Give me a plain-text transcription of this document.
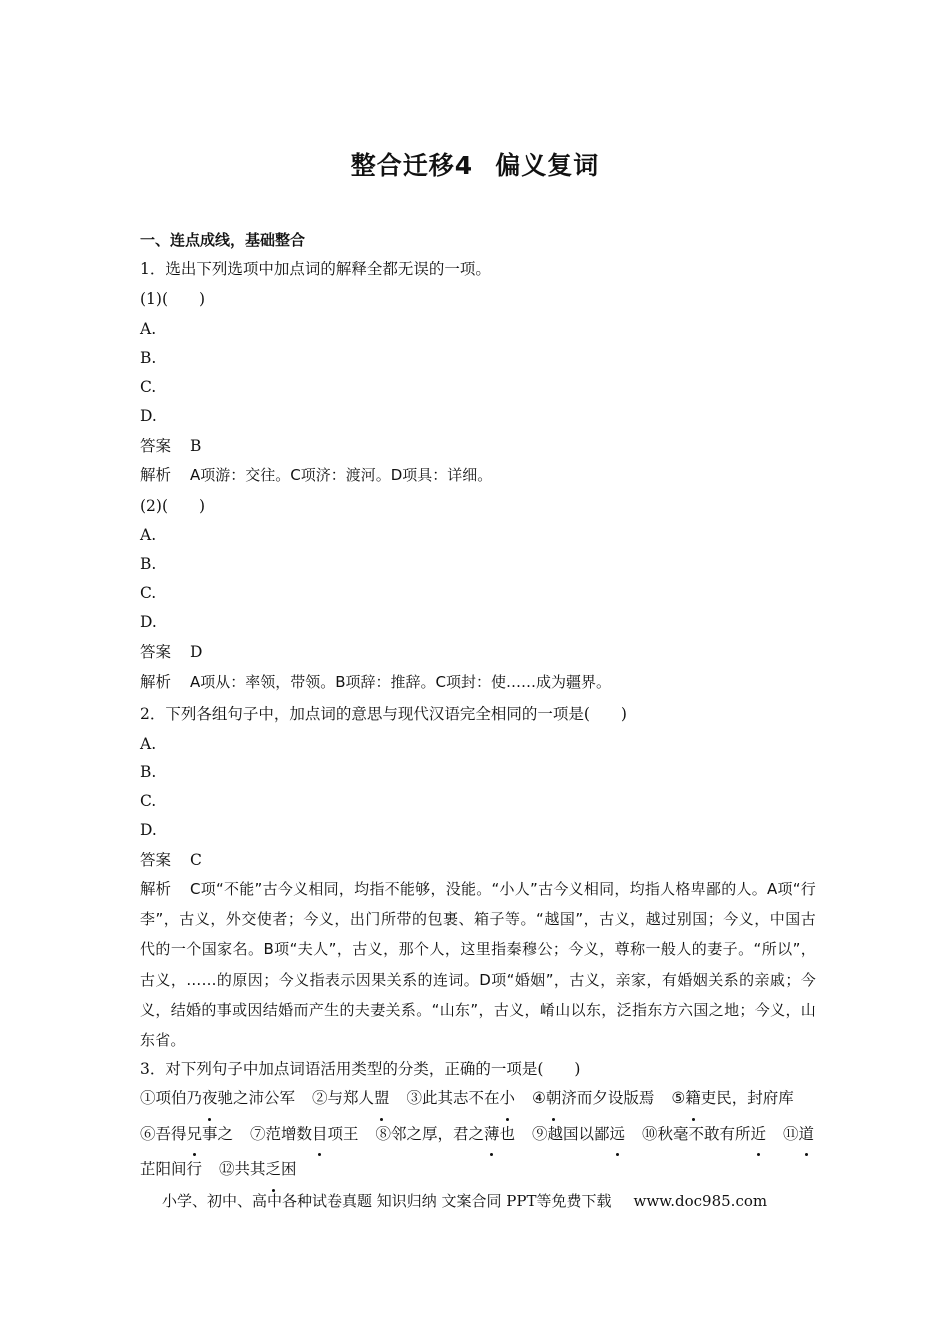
整合迁移4 偏义复词
一、连点成线，基础整合
1．选出下列选项中加点词的解释全都无误的一项。
(1)(　　)
A.
B.
C.
D.
答案 B
解析 A项游：交往。C项济：渡河。D项具：详细。
(2)(　　)
A.
B.
C.
D.
答案 D
解析 A项从：率领，带领。B项辞：推辞。C项封：使……成为疆界。
2．下列各组句子中，加点词的意思与现代汉语完全相同的一项是(　　)
A.
B.
C.
D.
答案 C
解析 C项“不能”古今义相同，均指不能够，没能。“小人”古今义相同，均指人格卑鄙的人。A项“行李”，古义，外交使者；今义，出门所带的包裹、箱子等。“越国”，古义，越过别国；今义，中国古代的一个国家名。B项“夫人”，古义，那个人，这里指秦穆公；今义，尊称一般人的妻子。“所以”，古义，……的原因；今义指表示因果关系的连词。D项“婚姻”，古义，亲家，有婚姻关系的亲戚；今义，结婚的事或因结婚而产生的夫妻关系。“山东”，古义，崤山以东，泛指东方六国之地；今义，山东省。
3．对下列句子中加点词语活用类型的分类，正确的一项是(　　)
①项伯乃夜驰之沛公军 ②与郑人盟 ③此其志不在小 ④朝济而夕设版焉 ⑤籍吏民，封府库 ⑥吾得兄事之 ⑦范增数目项王 ⑧邻之厚，君之薄也 ⑨越国以鄙远 ⑩秋毫不敢有所近 ⑪道芷阳间行 ⑫共其乏困
小学、初中、高中各种试卷真题 知识归纳 文案合同 PPT等免费下载 www.doc985.com
